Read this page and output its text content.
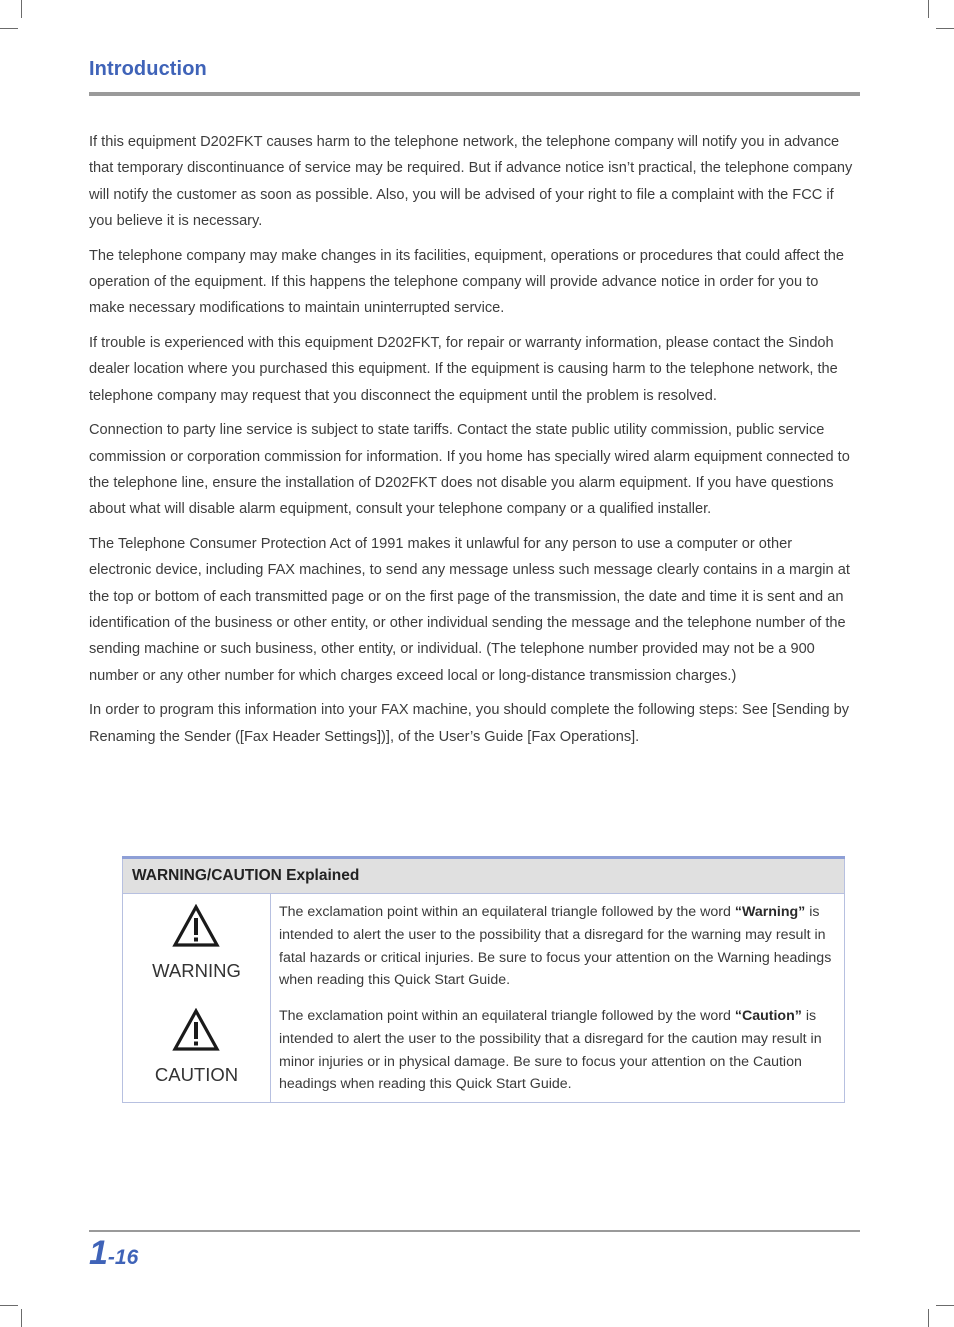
Introduction

If this equipment D202FKT causes harm to the telephone network, the telephone company will notify you in advance that temporary discontinuance of service may be required. But if advance notice isn’t practical, the telephone company will notify the customer as soon as possible. Also, you will be advised of your right to file a complaint with the FCC if you believe it is necessary.

The telephone company may make changes in its facilities, equipment, operations or procedures that could affect the operation of the equipment. If this happens the telephone company will provide advance notice in order for you to make necessary modifications to maintain uninterrupted service.

If trouble is experienced with this equipment D202FKT, for repair or warranty information, please contact the Sindoh dealer location where you purchased this equipment. If the equipment is causing harm to the telephone network, the telephone company may request that you disconnect the equipment until the problem is resolved.

Connection to party line service is subject to state tariffs. Contact the state public utility commission, public service commission or corporation commission for information. If you home has specially wired alarm equipment connected to the telephone line, ensure the installation of D202FKT does not disable you alarm equipment. If you have questions about what will disable alarm equipment, consult your telephone company or a qualified installer.

The Telephone Consumer Protection Act of 1991 makes it unlawful for any person to use a computer or other electronic device, including FAX machines, to send any message unless such message clearly contains in a margin at the top or bottom of each transmitted page or on the first page of the transmission, the date and time it is sent and an identification of the business or other entity, or other individual sending the message and the telephone number of the sending machine or such business, other entity, or individual. (The telephone number provided may not be a 900 number or any other number for which charges exceed local or long-distance transmission charges.)

In order to program this information into your FAX machine, you should complete the following steps: See [Sending by Renaming the Sender ([Fax Header Settings])], of the User’s Guide [Fax Operations].

WARNING/CAUTION Explained
WARNING
The exclamation point within an equilateral triangle followed by the word “Warning” is intended to alert the user to the possibility that a disregard for the warning may result in fatal hazards or critical injuries. Be sure to focus your attention on the Warning headings when reading this Quick Start Guide.
CAUTION
The exclamation point within an equilateral triangle followed by the word “Caution” is intended to alert the user to the possibility that a disregard for the caution may result in minor injuries or in physical damage. Be sure to focus your attention on the Caution headings when reading this Quick Start Guide.
1-16
